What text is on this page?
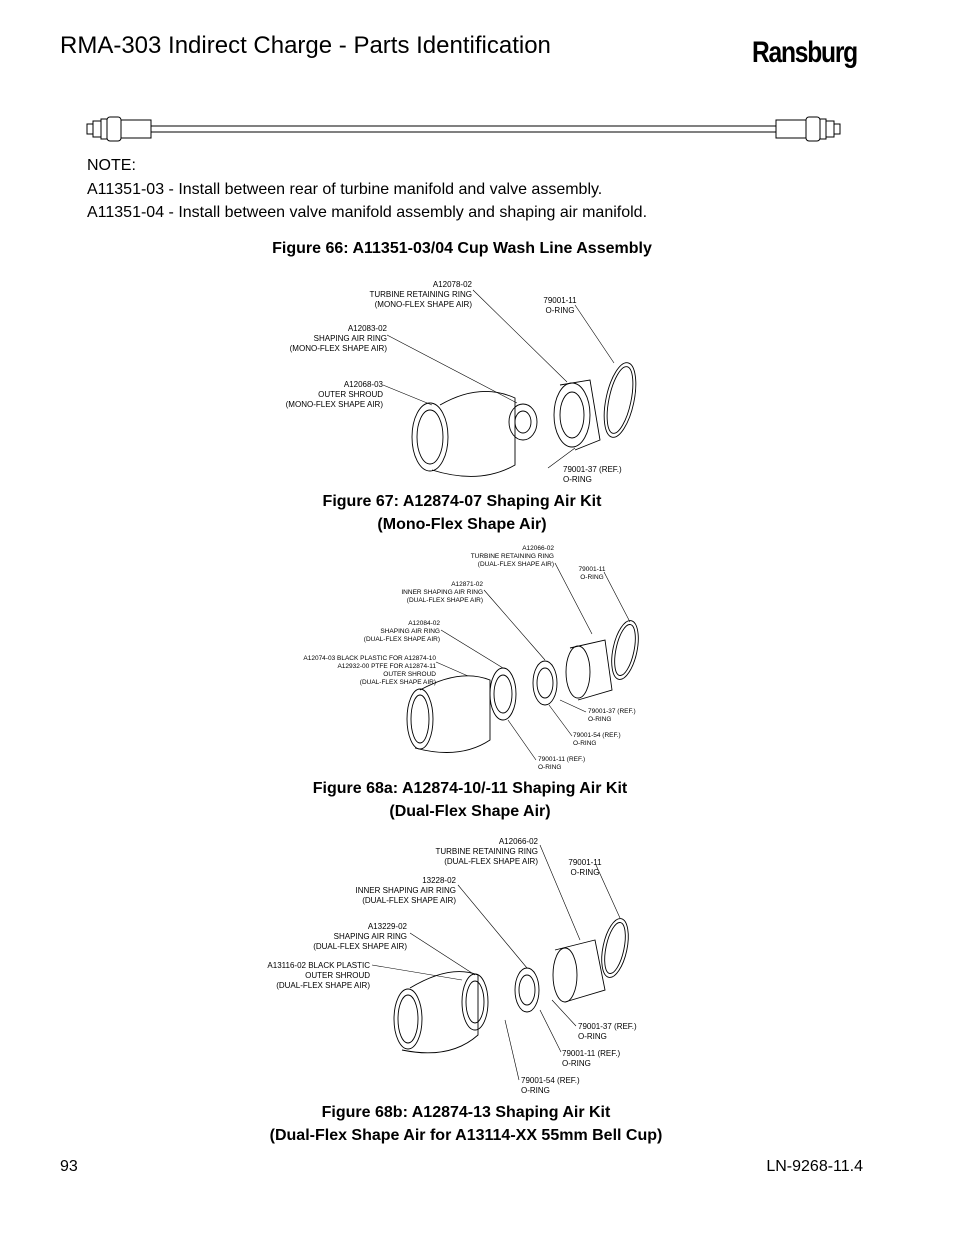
RMA-303 Indirect Charge - Parts Identification	Ransburg
NOTE:
A11351-03 - Install between rear of turbine manifold and valve assembly.
A11351-04 - Install between valve manifold assembly and shaping air manifold.
Figure 66: A11351-03/04 Cup Wash Line Assembly
A12078-02
TURBINE RETAINING RING
(MONO-FLEX SHAPE AIR)
A12083-02
SHAPING AIR RING
(MONO-FLEX SHAPE AIR)
A12068-03
OUTER SHROUD
(MONO-FLEX SHAPE AIR)
79001-11
O-RING
79001-37 (REF.)
O-RING
Figure 67: A12874-07 Shaping Air Kit
(Mono-Flex Shape Air)
A12066-02
TURBINE RETAINING RING
(DUAL-FLEX SHAPE AIR)
A12871-02
INNER SHAPING AIR RING
(DUAL-FLEX SHAPE AIR)
A12084-02
SHAPING AIR RING
(DUAL-FLEX SHAPE AIR)
A12074-03 BLACK PLASTIC FOR A12874-10
A12932-00 PTFE FOR A12874-11
OUTER SHROUD
(DUAL-FLEX SHAPE AIR)
79001-11
O-RING
79001-37 (REF.)
O-RING
79001-54 (REF.)
O-RING
79001-11 (REF.)
O-RING
Figure 68a: A12874-10/-11 Shaping Air Kit
(Dual-Flex Shape Air)
A12066-02
TURBINE RETAINING RING
(DUAL-FLEX SHAPE AIR)
13228-02
INNER SHAPING AIR RING
(DUAL-FLEX SHAPE AIR)
A13229-02
SHAPING AIR RING
(DUAL-FLEX SHAPE AIR)
A13116-02 BLACK PLASTIC
OUTER SHROUD
(DUAL-FLEX SHAPE AIR)
79001-11
O-RING
79001-37 (REF.)
O-RING
79001-11 (REF.)
O-RING
79001-54 (REF.)
O-RING
Figure 68b: A12874-13 Shaping Air Kit
(Dual-Flex Shape Air for A13114-XX 55mm Bell Cup)
93	LN-9268-11.4
